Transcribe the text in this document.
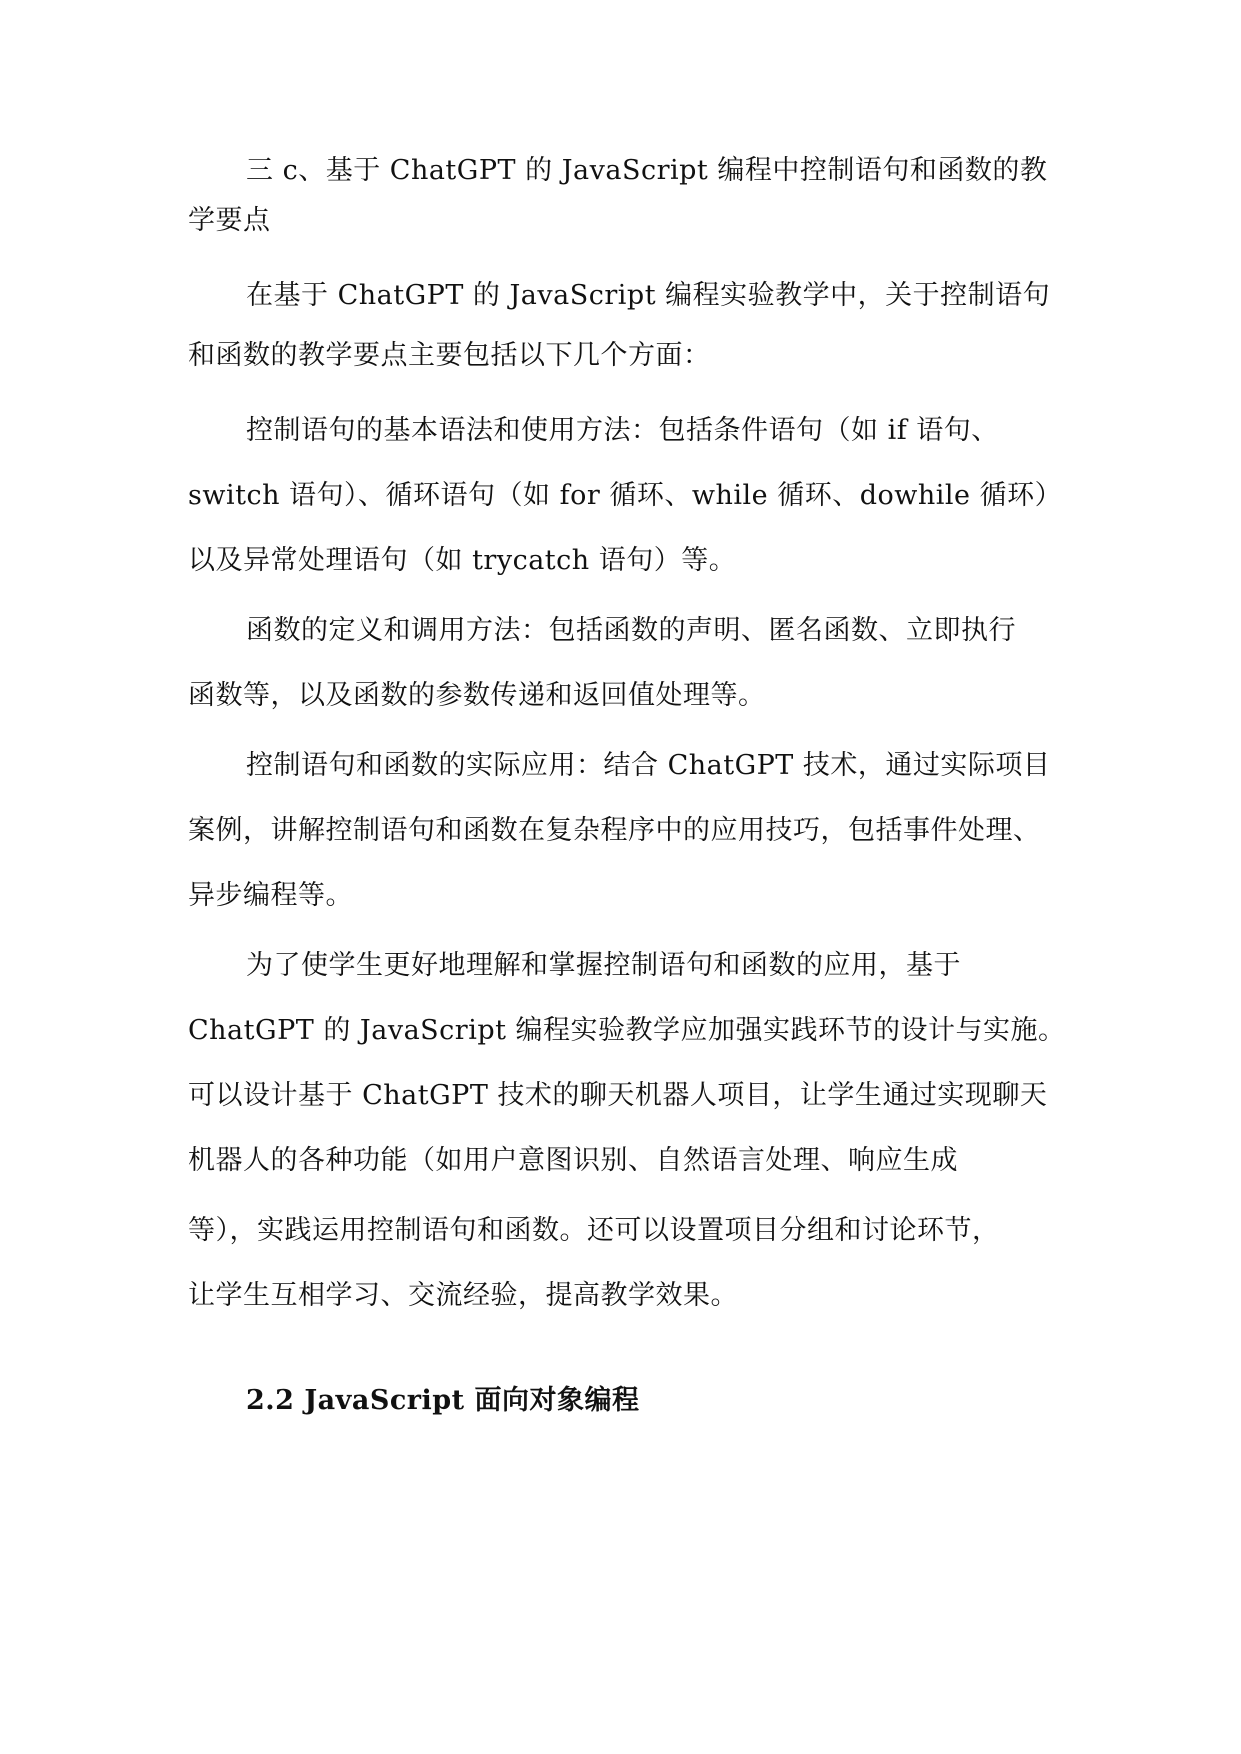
三 c、基于 ChatGPT 的 JavaScript 编程中控制语句和函数的教
学要点
在基于 ChatGPT 的 JavaScript 编程实验教学中，关于控制语句
和函数的教学要点主要包括以下几个方面：
控制语句的基本语法和使用方法：包括条件语句（如 if 语句、
switch 语句）、循环语句（如 for 循环、while 循环、dowhile 循环）
以及异常处理语句（如 trycatch 语句）等。
函数的定义和调用方法：包括函数的声明、匿名函数、立即执行
函数等，以及函数的参数传递和返回值处理等。
控制语句和函数的实际应用：结合 ChatGPT 技术，通过实际项目
案例，讲解控制语句和函数在复杂程序中的应用技巧，包括事件处理、
异步编程等。
为了使学生更好地理解和掌握控制语句和函数的应用，基于
ChatGPT 的 JavaScript 编程实验教学应加强实践环节的设计与实施。
可以设计基于 ChatGPT 技术的聊天机器人项目，让学生通过实现聊天
机器人的各种功能（如用户意图识别、自然语言处理、响应生成
等），实践运用控制语句和函数。还可以设置项目分组和讨论环节，
让学生互相学习、交流经验，提高教学效果。
2.2 JavaScript 面向对象编程
